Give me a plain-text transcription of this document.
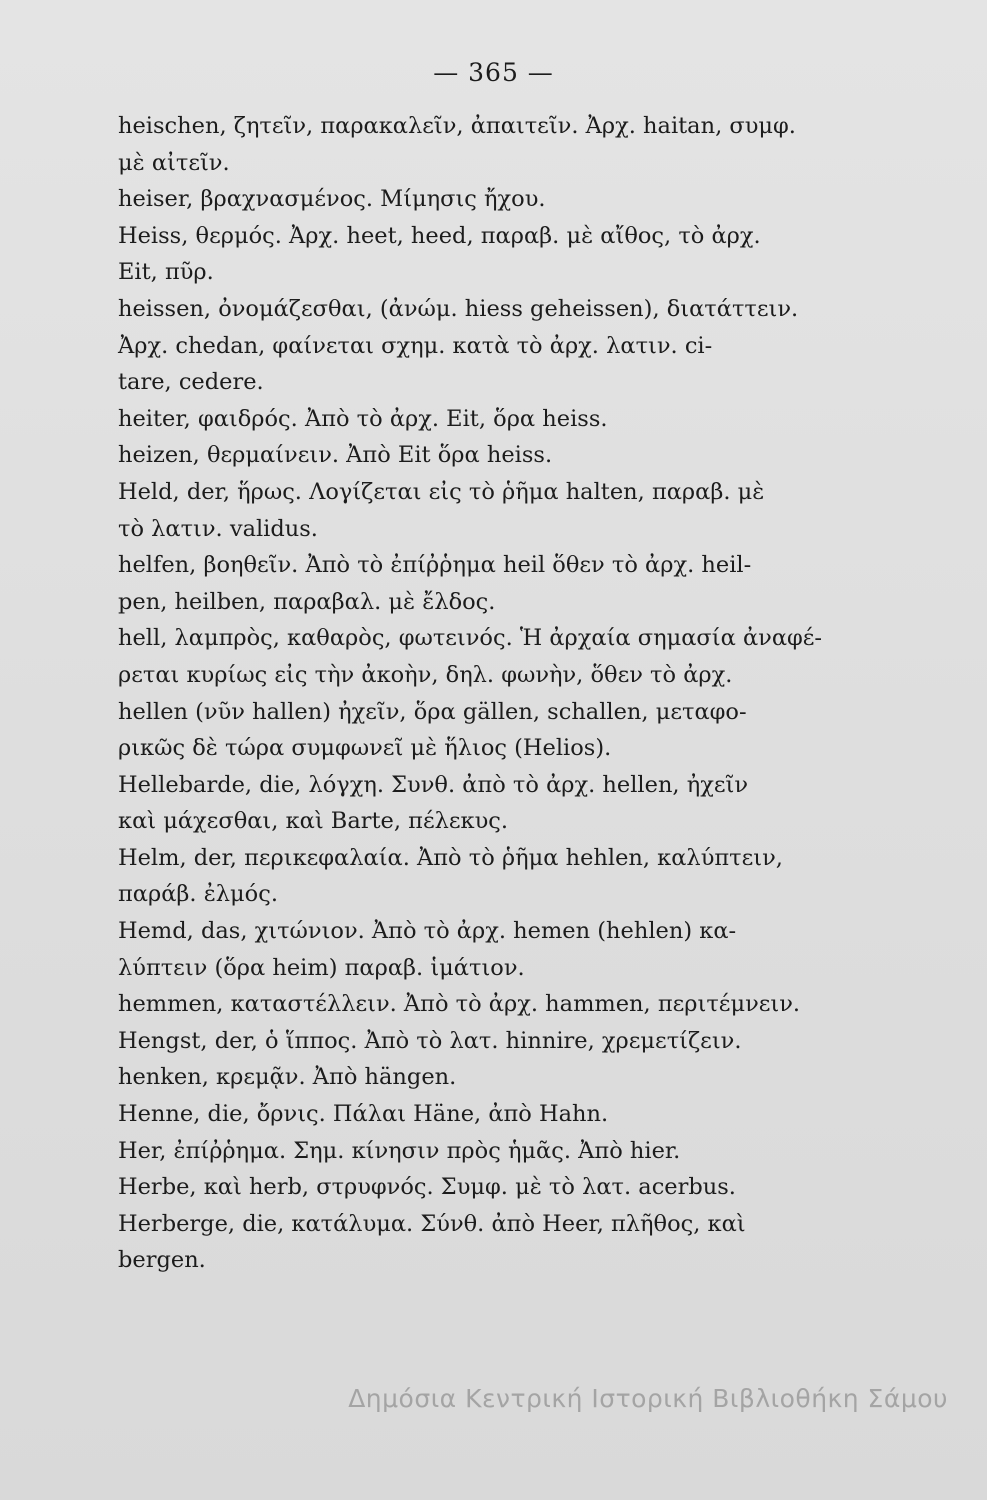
— 365 —
heischen, ζητεῖν, παρακαλεῖν, ἀπαιτεῖν. Ἀρχ. haitan, συμφ.
μὲ αἰτεῖν.
heiser, βραχνασμένος. Μίμησις ἤχου.
Heiss, θερμός. Ἀρχ. heet, heed, παραβ. μὲ αἴθος, τὸ ἀρχ.
Eit, πῦρ.
heissen, ὀνομάζεσθαι, (ἀνώμ. hiess geheissen), διατάττειν.
Ἀρχ. chedan, φαίνεται σχημ. κατὰ τὸ ἀρχ. λατιν. ci-
tare, cedere.
heiter, φαιδρός. Ἀπὸ τὸ ἀρχ. Eit, ὅρα heiss.
heizen, θερμαίνειν. Ἀπὸ Eit ὅρα heiss.
Held, der, ἥρως. Λογίζεται εἰς τὸ ῥῆμα halten, παραβ. μὲ
τὸ λατιν. validus.
helfen, βοηθεῖν. Ἀπὸ τὸ ἐπίῤῥημα heil ὅθεν τὸ ἀρχ. heil-
pen, heilben, παραβαλ. μὲ ἔλδος.
hell, λαμπρὸς, καθαρὸς, φωτεινός. Ἡ ἀρχαία σημασία ἀναφέ-
ρεται κυρίως εἰς τὴν ἀκοὴν, δηλ. φωνὴν, ὅθεν τὸ ἀρχ.
hellen (νῦν hallen) ἠχεῖν, ὅρα gällen, schallen, μεταφο-
ρικῶς δὲ τώρα συμφωνεῖ μὲ ἥλιος (Helios).
Hellebarde, die, λόγχη. Συνθ. ἀπὸ τὸ ἀρχ. hellen, ἠχεῖν
καὶ μάχεσθαι, καὶ Barte, πέλεκυς.
Helm, der, περικεφαλαία. Ἀπὸ τὸ ῥῆμα hehlen, καλύπτειν,
παράβ. ἐλμός.
Hemd, das, χιτώνιον. Ἀπὸ τὸ ἀρχ. hemen (hehlen) κα-
λύπτειν (ὅρα heim) παραβ. ἱμάτιον.
hemmen, καταστέλλειν. Ἀπὸ τὸ ἀρχ. hammen, περιτέμνειν.
Hengst, der, ὁ ἵππος. Ἀπὸ τὸ λατ. hinnire, χρεμετίζειν.
henken, κρεμᾷν. Ἀπὸ hängen.
Henne, die, ὄρνις. Πάλαι Häne, ἀπὸ Hahn.
Her, ἐπίῤῥημα. Σημ. κίνησιν πρὸς ἡμᾶς. Ἀπὸ hier.
Herbe, καὶ herb, στρυφνός. Συμφ. μὲ τὸ λατ. acerbus.
Herberge, die, κατάλυμα. Σύνθ. ἀπὸ Heer, πλῆθος, καὶ
bergen.
Δημόσια Κεντρική Ιστορική Βιβλιοθήκη Σάμου
